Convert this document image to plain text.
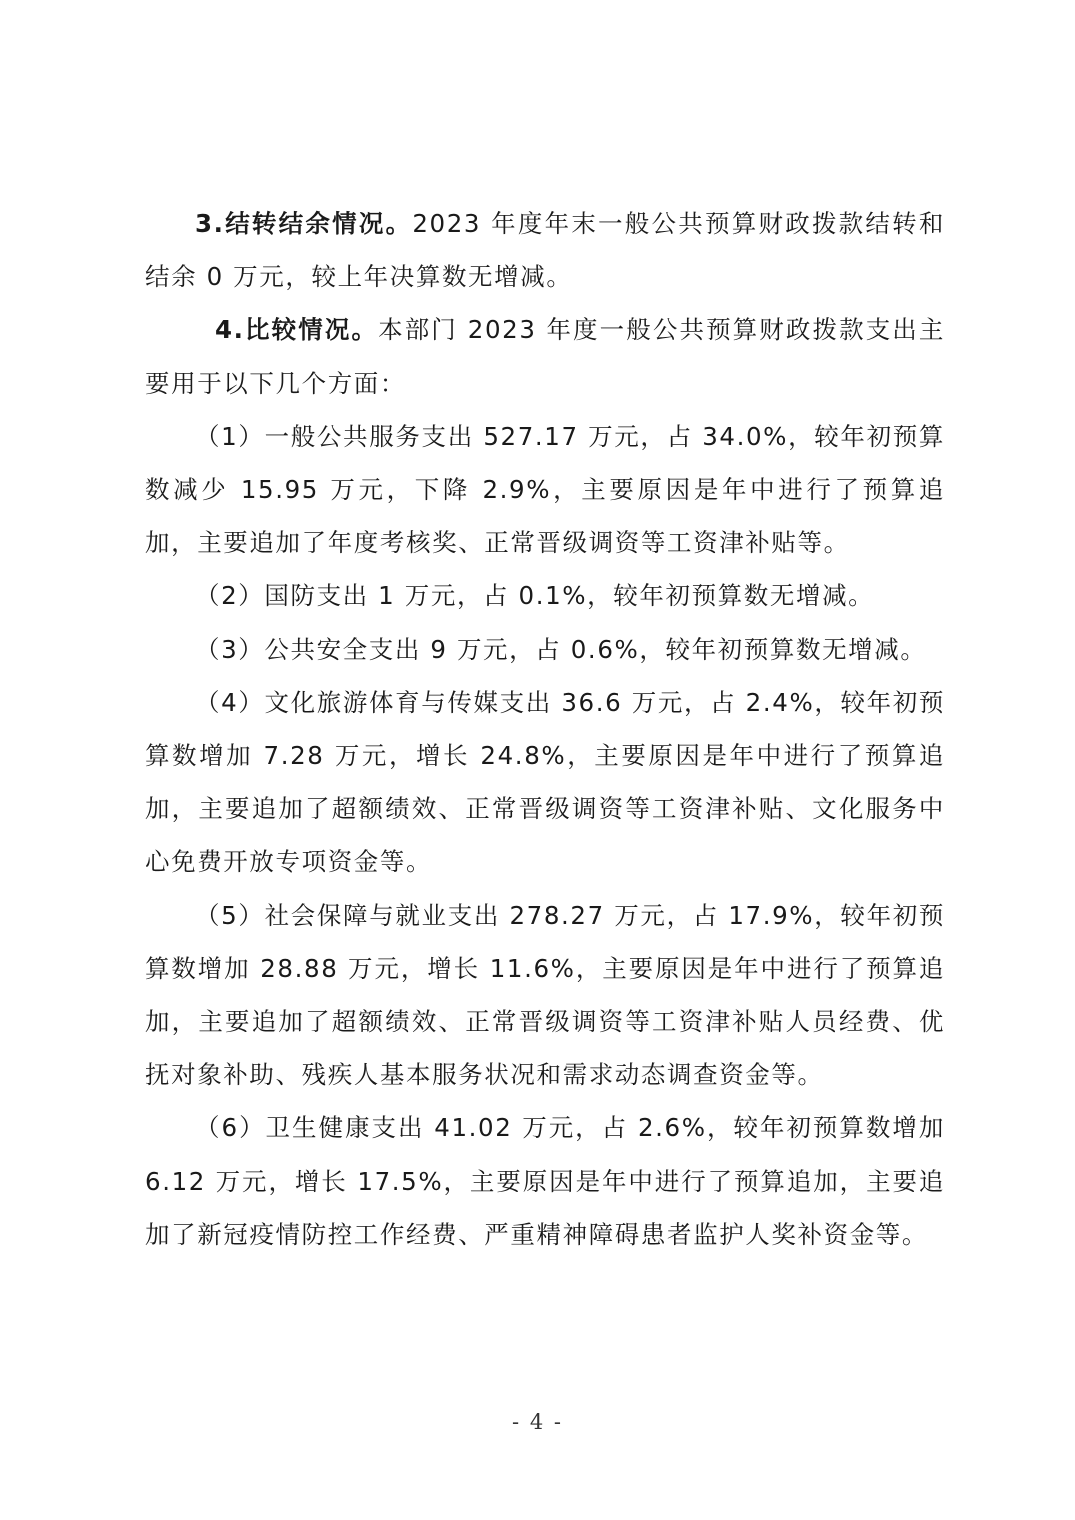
3.结转结余情况。2023 年度年末一般公共预算财政拨款结转和结余 0 万元，较上年决算数无增减。

4.比较情况。本部门 2023 年度一般公共预算财政拨款支出主要用于以下几个方面：

（1）一般公共服务支出 527.17 万元，占 34.0%，较年初预算数减少 15.95 万元，下降 2.9%，主要原因是年中进行了预算追加，主要追加了年度考核奖、正常晋级调资等工资津补贴等。

（2）国防支出 1 万元，占 0.1%，较年初预算数无增减。

（3）公共安全支出 9 万元，占 0.6%，较年初预算数无增减。

（4）文化旅游体育与传媒支出 36.6 万元，占 2.4%，较年初预算数增加 7.28 万元，增长 24.8%，主要原因是年中进行了预算追加，主要追加了超额绩效、正常晋级调资等工资津补贴、文化服务中心免费开放专项资金等。

（5）社会保障与就业支出 278.27 万元，占 17.9%，较年初预算数增加 28.88 万元，增长 11.6%，主要原因是年中进行了预算追加，主要追加了超额绩效、正常晋级调资等工资津补贴人员经费、优抚对象补助、残疾人基本服务状况和需求动态调查资金等。

（6）卫生健康支出 41.02 万元，占 2.6%，较年初预算数增加 6.12 万元，增长 17.5%，主要原因是年中进行了预算追加，主要追加了新冠疫情防控工作经费、严重精神障碍患者监护人奖补资金等。

- 4 -
